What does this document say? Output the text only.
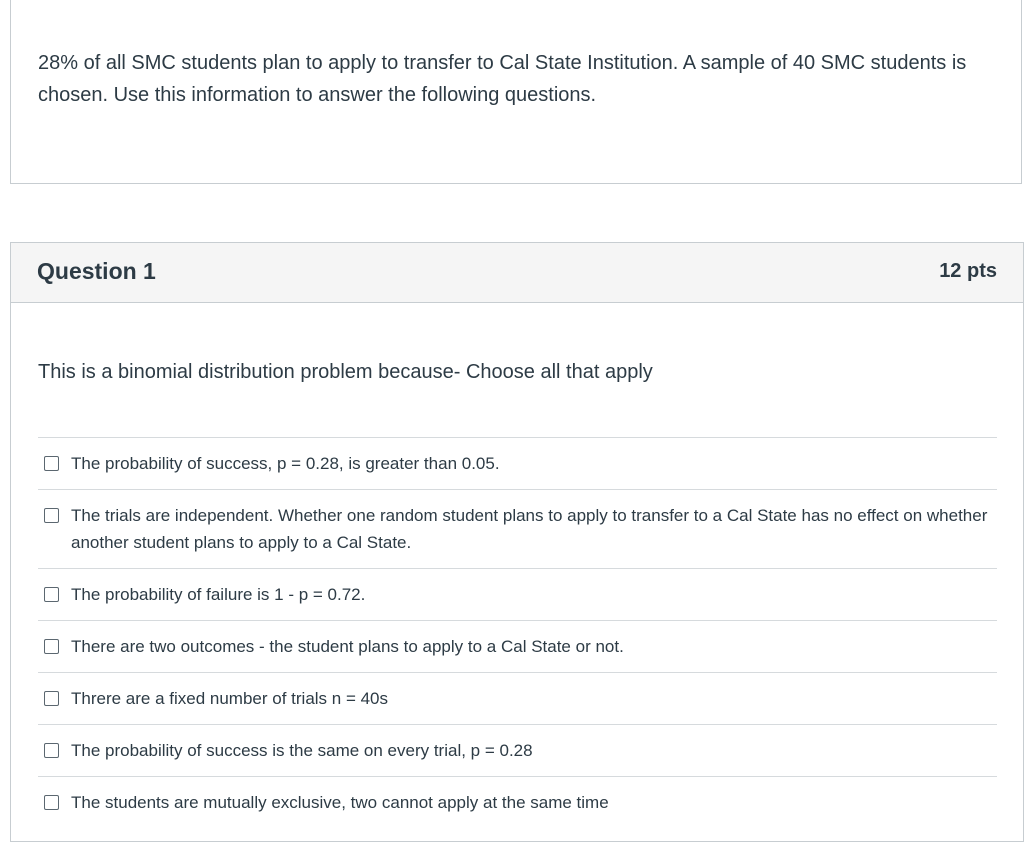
28% of all SMC students plan to apply to transfer to Cal State Institution. A sample of 40 SMC students is chosen. Use this information to answer the following questions.
Question 1	12 pts
This is a binomial distribution problem because- Choose all that apply
The probability of success, p = 0.28, is greater than 0.05.
The trials are independent. Whether one random student plans to apply to transfer to a Cal State has no effect on whether another student plans to apply to a Cal State.
The probability of failure is 1 - p = 0.72.
There are two outcomes - the student plans to apply to a Cal State or not.
Threre are a fixed number of trials n = 40s
The probability of success is the same on every trial, p = 0.28
The students are mutually exclusive, two cannot apply at the same time
